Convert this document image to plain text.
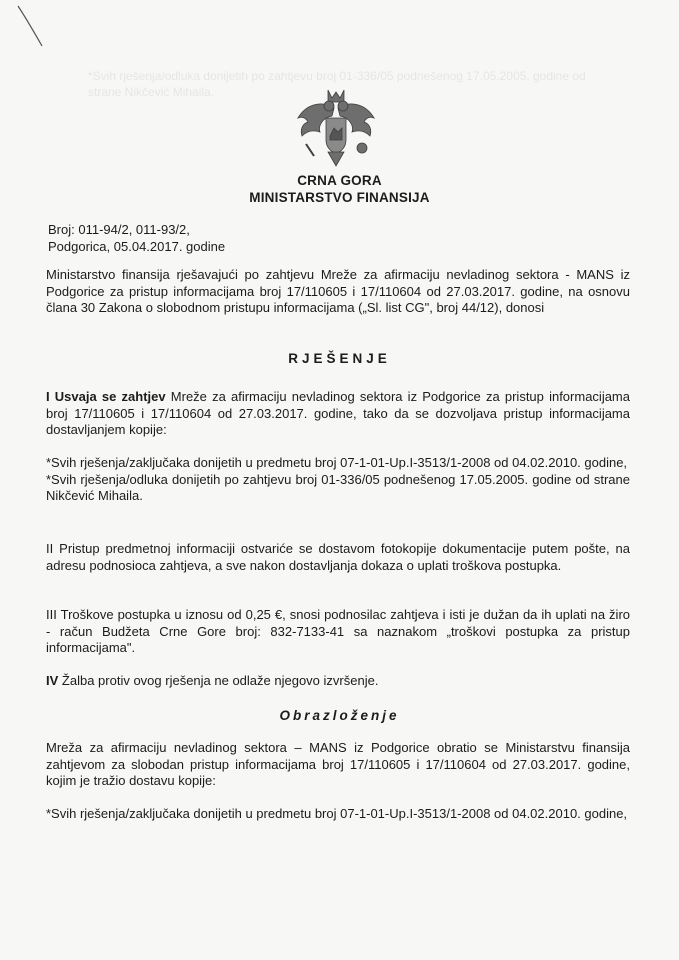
*Svih rješenja/odluka donijetih po zahtjevu broj 01-336/05 podnešenog 17.05.2005. godine od strane Nikčević Mihaila.
CRNA GORA
MINISTARSTVO FINANSIJA
Broj: 011-94/2, 011-93/2,
Podgorica, 05.04.2017. godine
Ministarstvo finansija rješavajući po zahtjevu Mreže za afirmaciju nevladinog sektora - MANS iz Podgorice za pristup informacijama broj 17/110605 i 17/110604 od 27.03.2017. godine, na osnovu člana 30 Zakona o slobodnom pristupu informacijama („Sl. list CG", broj 44/12), donosi
RJEŠENJE
I Usvaja se zahtjev Mreže za afirmaciju nevladinog sektora iz Podgorice za pristup informacijama broj 17/110605 i 17/110604 od 27.03.2017. godine, tako da se dozvoljava pristup informacijama dostavljanjem kopije:
*Svih rješenja/zaključaka donijetih u predmetu broj 07-1-01-Up.I-3513/1-2008 od 04.02.2010. godine,
*Svih rješenja/odluka donijetih po zahtjevu broj 01-336/05 podnešenog 17.05.2005. godine od strane Nikčević Mihaila.
II Pristup predmetnoj informaciji ostvariće se dostavom fotokopije dokumentacije putem pošte, na adresu podnosioca zahtjeva, a sve nakon dostavljanja dokaza o uplati troškova postupka.
III Troškove postupka u iznosu od 0,25 €, snosi podnosilac zahtjeva i isti je dužan da ih uplati na žiro - račun Budžeta Crne Gore broj: 832-7133-41 sa naznakom „troškovi postupka za pristup informacijama".
IV Žalba protiv ovog rješenja ne odlaže njegovo izvršenje.
Obrazloženje
Mreža za afirmaciju nevladinog sektora – MANS iz Podgorice obratio se Ministarstvu finansija zahtjevom za slobodan pristup informacijama broj 17/110605 i 17/110604 od 27.03.2017. godine, kojim je tražio dostavu kopije:
*Svih rješenja/zaključaka donijetih u predmetu broj 07-1-01-Up.I-3513/1-2008 od 04.02.2010. godine,
